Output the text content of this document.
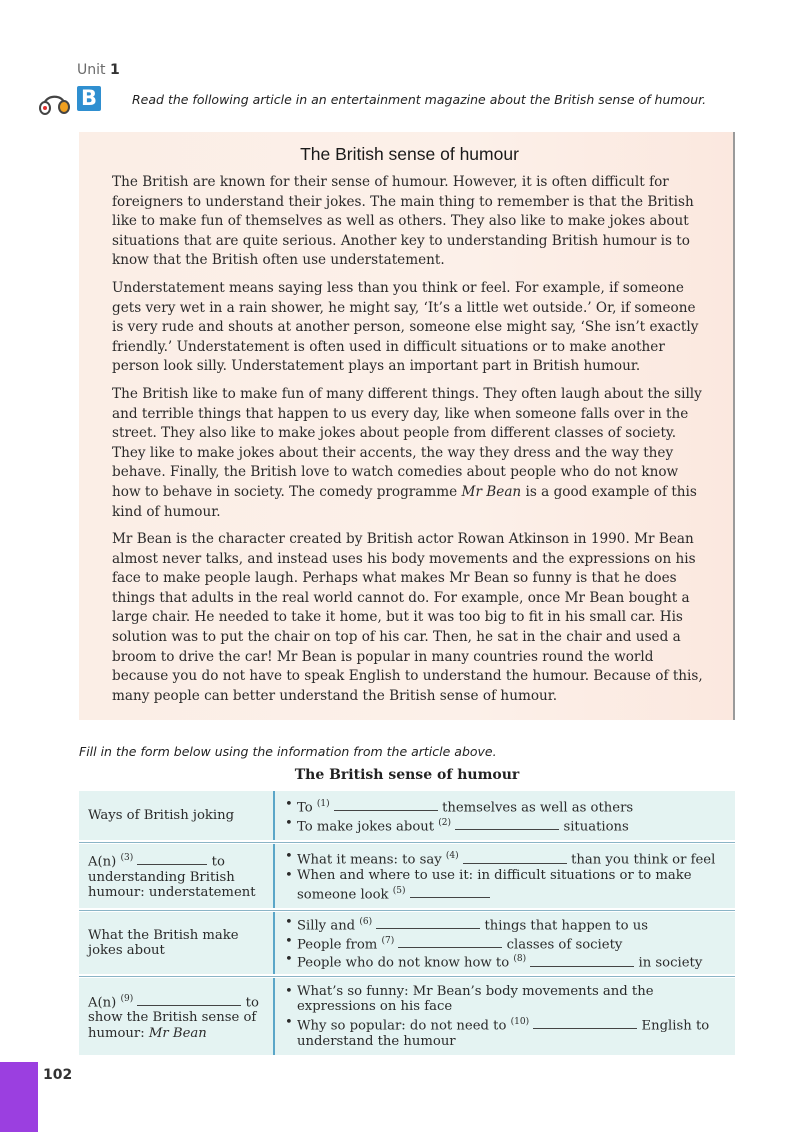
Unit 1
B	Read the following article in an entertainment magazine about the British sense of humour.
The British sense of humour

The British are known for their sense of humour. However, it is often difficult for foreigners to understand their jokes. The main thing to remember is that the British like to make fun of themselves as well as others. They also like to make jokes about situations that are quite serious. Another key to understanding British humour is to know that the British often use understatement.

Understatement means saying less than you think or feel. For example, if someone gets very wet in a rain shower, he might say, ‘It’s a little wet outside.’ Or, if someone is very rude and shouts at another person, someone else might say, ‘She isn’t exactly friendly.’ Understatement is often used in difficult situations or to make another person look silly. Understatement plays an important part in British humour.

The British like to make fun of many different things. They often laugh about the silly and terrible things that happen to us every day, like when someone falls over in the street. They also like to make jokes about people from different classes of society. They like to make jokes about their accents, the way they dress and the way they behave. Finally, the British love to watch comedies about people who do not know how to behave in society. The comedy programme Mr Bean is a good example of this kind of humour.

Mr Bean is the character created by British actor Rowan Atkinson in 1990. Mr Bean almost never talks, and instead uses his body movements and the expressions on his face to make people laugh. Perhaps what makes Mr Bean so funny is that he does things that adults in the real world cannot do. For example, once Mr Bean bought a large chair. He needed to take it home, but it was too big to fit in his small car. His solution was to put the chair on top of his car. Then, he sat in the chair and used a broom to drive the car! Mr Bean is popular in many countries round the world because you do not have to speak English to understand the humour. Because of this, many people can better understand the British sense of humour.

Fill in the form below using the information from the article above.
The British sense of humour
Ways of British joking
• To $^{(1)}$	themselves as well as others
• To make jokes about $^{(2)}$	situations
A(n) $^{(3)}$	to understanding British humour: understatement
• What it means: to say $^{(4)}$	than you think or feel
• When and where to use it: in difficult situations or to make someone look $^{(5)}$
What the British make jokes about
• Silly and $^{(6)}$	things that happen to us
• People from $^{(7)}$	classes of society
• People who do not know how to $^{(8)}$	in society
A(n) $^{(9)}$	to show the British sense of humour: Mr Bean
• What’s so funny: Mr Bean’s body movements and the expressions on his face
• Why so popular: do not need to $^{(10)}$	English to understand the humour
102
